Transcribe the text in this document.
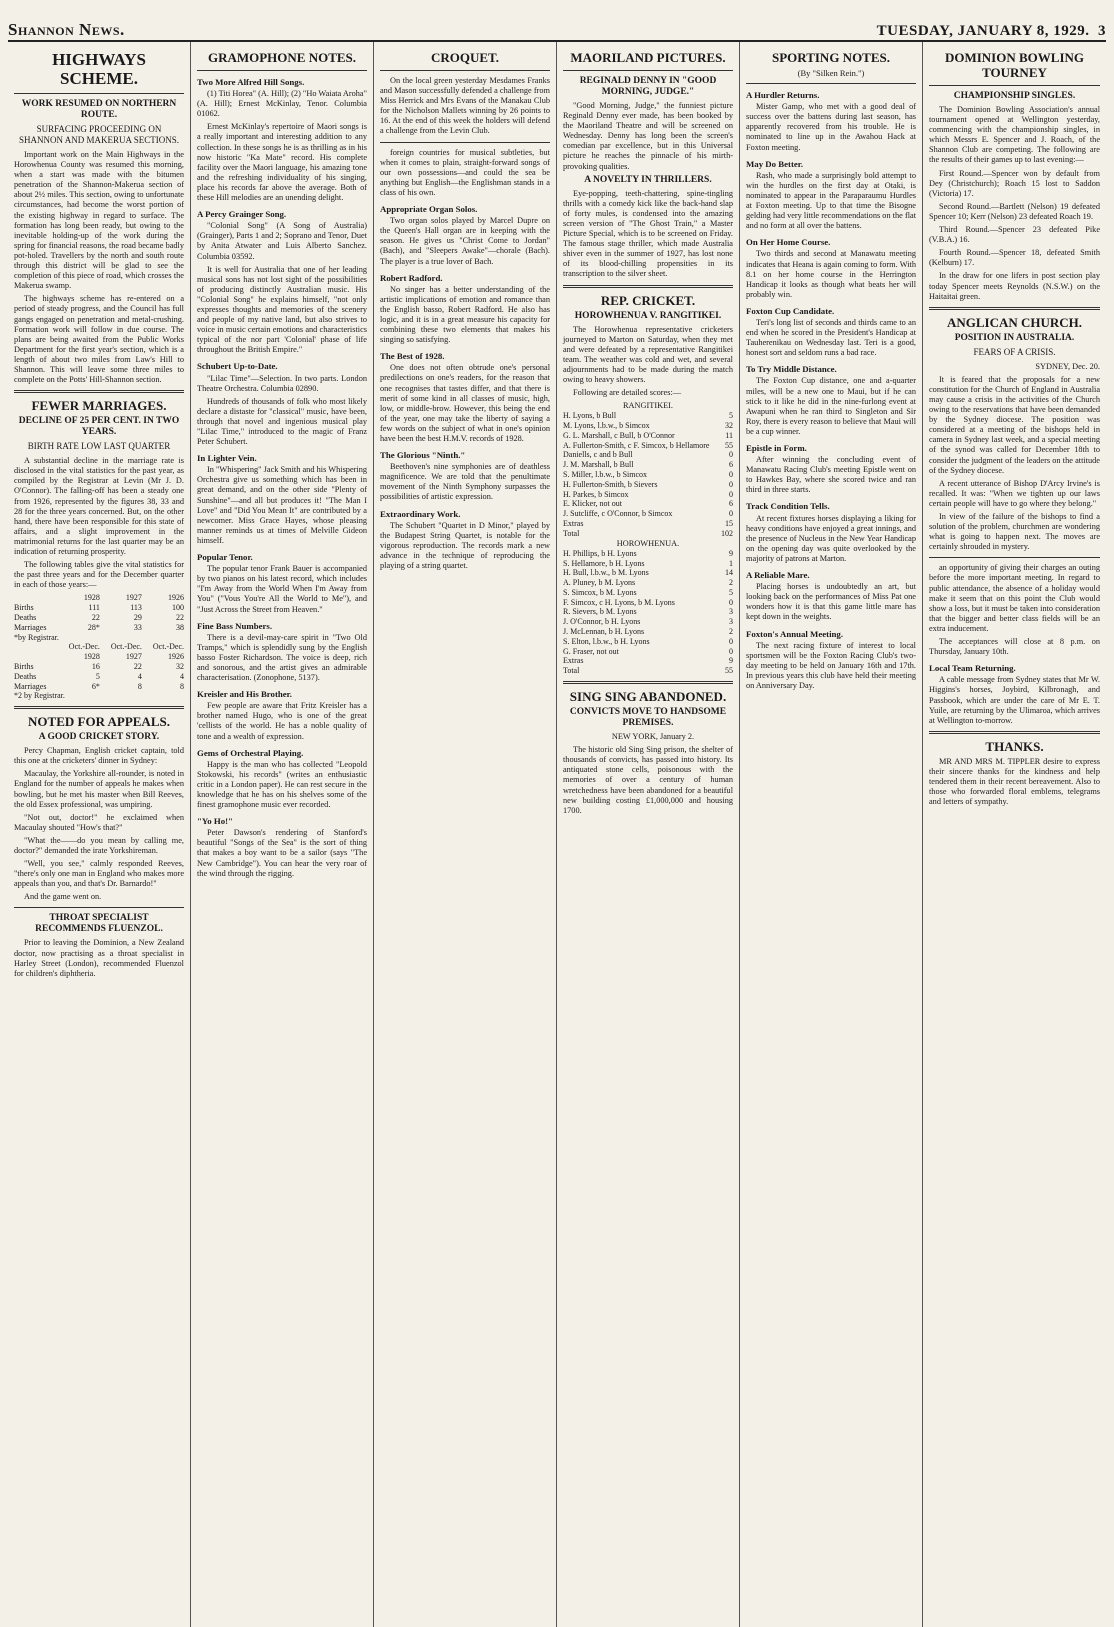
Shannon News.	TUESDAY, JANUARY 8, 1929. 3
HIGHWAYS SCHEME.
WORK RESUMED ON NORTHERN ROUTE.
SURFACING PROCEEDING ON SHANNON AND MAKERUA SECTIONS.

Important work on the Main Highways in the Horowhenua County was resumed this morning, when a start was made with the bitumen penetration of the Shannon-Makerua section of about 2½ miles. This section, owing to unfortunate circumstances, had become the worst portion of the existing highway in regard to surface. The formation has long been ready, but owing to the inevitable holding-up of the work during the spring for financial reasons, the road became badly pot-holed. Travellers by the north and south route through this district will be glad to see the completion of this piece of road, which crosses the Makerua swamp.

The highways scheme has re-entered on a period of steady progress, and the Council has full gangs engaged on penetration and metal-crushing. Formation work will follow in due course. The plans are being awaited from the Public Works Department for the first year's section, which is a length of about two miles from Law's Hill to Shannon. This will leave some three miles to complete on the Potts' Hill-Shannon section.

FEWER MARRIAGES.
DECLINE OF 25 PER CENT. IN TWO YEARS.
BIRTH RATE LOW LAST QUARTER

A substantial decline in the marriage rate is disclosed in the vital statistics for the past year, as compiled by the Registrar at Levin (Mr J. D. O'Connor). The falling-off has been a steady one from 1926, represented by the figures 38, 33 and 28 for the three years concerned. But, on the other hand, there have been responsible for this state of affairs, and a slight improvement in the matrimonial returns for the last quarter may be an indication of returning prosperity.

The following tables give the vital statistics for the past three years and for the December quarter in each of those years:—

	1928	1927	1926
Births	111	113	100
Deaths	22	29	22
Marriages	28*	33	38
*by Registrar.			
	Oct.-Dec.	Oct.-Dec.	Oct.-Dec.
	1928	1927	1926
Births	16	22	32
Deaths	5	4	4
Marriages	6*	8	8
*2 by Registrar.			
NOTED FOR APPEALS.
A GOOD CRICKET STORY.

Percy Chapman, English cricket captain, told this one at the cricketers' dinner in Sydney:

Macaulay, the Yorkshire all-rounder, is noted in England for the number of appeals he makes when bowling, but he met his master when Bill Reeves, the old Essex professional, was umpiring.

"Not out, doctor!" he exclaimed when Macaulay shouted "How's that?"

"What the——do you mean by calling me, doctor?" demanded the irate Yorkshireman.

"Well, you see," calmly responded Reeves, "there's only one man in England who makes more appeals than you, and that's Dr. Barnardo!"

And the game went on.

THROAT SPECIALIST RECOMMENDS FLUENZOL.

Prior to leaving the Dominion, a New Zealand doctor, now practising as a throat specialist in Harley Street (London), recommended Fluenzol for children's diphtheria.

GRAMOPHONE NOTES.
Two More Alfred Hill Songs.

(1) Titi Horea" (A. Hill); (2) "Ho Waiata Aroha" (A. Hill); Ernest McKinlay, Tenor. Columbia 01062.

Ernest McKinlay's repertoire of Maori songs is a really important and interesting addition to any collection. In these songs he is as thrilling as in his now historic "Ka Mate" record. His complete facility over the Maori language, his amazing tone and the refreshing individuality of his singing, place his records far above the average. Both of these Hill melodies are an unending delight.

A Percy Grainger Song.

"Colonial Song" (A Song of Australia) (Grainger), Parts 1 and 2; Soprano and Tenor, Duet by Anita Atwater and Luis Alberto Sanchez. Columbia 03592.

It is well for Australia that one of her leading musical sons has not lost sight of the possibilities of producing distinctly Australian music. His "Colonial Song" he explains himself, "not only expresses thoughts and memories of the scenery and people of my native land, but also strives to voice in music certain emotions and characteristics typical of the nor part 'Colonial' phase of life throughout the British Empire."

Schubert Up-to-Date.

"Lilac Time"—Selection. In two parts. London Theatre Orchestra. Columbia 02890.

Hundreds of thousands of folk who most likely declare a distaste for "classical" music, have been, through that novel and ingenious musical play "Lilac Time," introduced to the magic of Franz Peter Schubert.

In Lighter Vein.

In "Whispering" Jack Smith and his Whispering Orchestra give us something which has been in great demand, and on the other side "Plenty of Sunshine"—and all but produces it! "The Man I Love" and "Did You Mean It" are contributed by a newcomer. Miss Grace Hayes, whose pleasing manner reminds us at times of Melville Gideon himself.

Popular Tenor.

The popular tenor Frank Bauer is accompanied by two pianos on his latest record, which includes "I'm Away from the World When I'm Away from You" ("Vous You're All the World to Me"), and "Just Across the Street from Heaven."

Fine Bass Numbers.

There is a devil-may-care spirit in "Two Old Tramps," which is splendidly sung by the English basso Foster Richardson. The voice is deep, rich and sonorous, and the artist gives an admirable characterisation. (Zonophone, 5137).

Kreisler and His Brother.

Few people are aware that Fritz Kreisler has a brother named Hugo, who is one of the great 'cellists of the world. He has a noble quality of tone and a wealth of expression.

Gems of Orchestral Playing.

Happy is the man who has collected "Leopold Stokowski, his records" (writes an enthusiastic critic in a London paper). He can rest secure in the knowledge that he has on his shelves some of the finest gramophone music ever recorded.

"Yo Ho!"

Peter Dawson's rendering of Stanford's beautiful "Songs of the Sea" is the sort of thing that makes a boy want to be a sailor (says "The New Cambridge"). You can hear the very roar of the wind through the rigging.

CROQUET.

On the local green yesterday Mesdames Franks and Mason successfully defended a challenge from Miss Herrick and Mrs Evans of the Manakau Club for the Nicholson Mallets winning by 26 points to 16. At the end of this week the holders will defend a challenge from the Levin Club.

foreign countries for musical subtleties, but when it comes to plain, straight-forward songs of our own possessions—and could the sea be anything but English—the Englishman stands in a class of his own.

Appropriate Organ Solos.

Two organ solos played by Marcel Dupre on the Queen's Hall organ are in keeping with the season. He gives us "Christ Come to Jordan" (Bach), and "Sleepers Awake"—chorale (Bach). The player is a true lover of Bach.

Robert Radford.

No singer has a better understanding of the artistic implications of emotion and romance than the English basso, Robert Radford. He also has logic, and it is in a great measure his capacity for combining these two elements that makes his singing so satisfying.

The Best of 1928.

One does not often obtrude one's personal predilections on one's readers, for the reason that one recognises that tastes differ, and that there is merit of some kind in all classes of music, high, low, or middle-brow. However, this being the end of the year, one may take the liberty of saying a few words on the subject of what in one's opinion have been the best H.M.V. records of 1928.

The Glorious "Ninth."

Beethoven's nine symphonies are of deathless magnificence. We are told that the penultimate movement of the Ninth Symphony surpasses the possibilities of artistic expression.

Extraordinary Work.

The Schubert "Quartet in D Minor," played by the Budapest String Quartet, is notable for the vigorous reproduction. The records mark a new advance in the technique of reproducing the playing of a string quartet.

MAORILAND PICTURES.
REGINALD DENNY IN "GOOD MORNING, JUDGE."

"Good Morning, Judge," the funniest picture Reginald Denny ever made, has been booked by the Maoriland Theatre and will be screened on Wednesday. Denny has long been the screen's comedian par excellence, but in this Universal picture he reaches the pinnacle of his mirth-provoking qualities.

A NOVELTY IN THRILLERS.

Eye-popping, teeth-chattering, spine-tingling thrills with a comedy kick like the back-hand slap of forty mules, is condensed into the amazing screen version of "The Ghost Train," a Master Picture Special, which is to be screened on Friday. The famous stage thriller, which made Australia shiver even in the summer of 1927, has lost none of its blood-chilling propensities in its transcription to the silver sheet.

REP. CRICKET.
HOROWHENUA V. RANGITIKEI.

The Horowhenua representative cricketers journeyed to Marton on Saturday, when they met and were defeated by a representative Rangitikei team. The weather was cold and wet, and several adjournments had to be made during the match owing to heavy showers.

Following are detailed scores:—

RANGITIKEI.
H. Lyons, b Bull	5
M. Lyons, l.b.w., b Simcox	32
G. L. Marshall, c Bull, b O'Connor	11
A. Fullerton-Smith, c F. Simcox, b Hellamore	55
Daniells, c and b Bull	0
J. M. Marshall, b Bull	6
S. Miller, l.b.w., b Simcox	0
H. Fullerton-Smith, b Sievers	0
H. Parkes, b Simcox	0
E. Klicker, not out	6
J. Sutcliffe, c O'Connor, b Simcox	0
Extras	15
Total	102
HOROWHENUA.
H. Phillips, b H. Lyons	9
S. Hellamore, b H. Lyons	1
H. Bull, l.b.w., b M. Lyons	14
A. Pluney, b M. Lyons	2
S. Simcox, b M. Lyons	5
F. Simcox, c H. Lyons, b M. Lyons	0
R. Sievers, b M. Lyons	3
J. O'Connor, b H. Lyons	3
J. McLennan, b H. Lyons	2
S. Elton, l.b.w., b H. Lyons	0
G. Fraser, not out	0
Extras	9
Total	55
SING SING ABANDONED.
CONVICTS MOVE TO HANDSOME PREMISES.

NEW YORK, January 2.

The historic old Sing Sing prison, the shelter of thousands of convicts, has passed into history. Its antiquated stone cells, poisonous with the memories of over a century of human wretchedness have been abandoned for a beautiful new building costing £1,000,000 and housing 1700.

SPORTING NOTES.
(By "Silken Rein.")
A Hurdler Returns.

Mister Gamp, who met with a good deal of success over the battens during last season, has apparently recovered from his trouble. He is nominated to line up in the Awahou Hack at Foxton meeting.

May Do Better.

Rash, who made a surprisingly bold attempt to win the hurdles on the first day at Otaki, is nominated to appear in the Paraparaumu Hurdles at Foxton meeting. Up to that time the Bisogne gelding had very little recommendations on the flat and no form at all over the battens.

On Her Home Course.

Two thirds and second at Manawatu meeting indicates that Heana is again coming to form. With 8.1 on her home course in the Herrington Handicap it looks as though what beats her will probably win.

Foxton Cup Candidate.

Teri's long list of seconds and thirds came to an end when he scored in the President's Handicap at Tauherenikau on Wednesday last. Teri is a good, honest sort and seldom runs a bad race.

To Try Middle Distance.

The Foxton Cup distance, one and a-quarter miles, will be a new one to Maui, but if he can stick to it like he did in the nine-furlong event at Awapuni when he ran third to Singleton and Sir Roy, there is every reason to believe that Maui will be a cup winner.

Epistle in Form.

After winning the concluding event of Manawatu Racing Club's meeting Epistle went on to Hawkes Bay, where she scored twice and ran third in three starts.

Track Condition Tells.

At recent fixtures horses displaying a liking for heavy conditions have enjoyed a great innings, and the presence of Nucleus in the New Year Handicap on the opening day was quite overlooked by the majority of patrons at Marton.

A Reliable Mare.

Placing horses is undoubtedly an art, but looking back on the performances of Miss Pat one wonders how it is that this game little mare has kept down in the weights.

Foxton's Annual Meeting.

The next racing fixture of interest to local sportsmen will be the Foxton Racing Club's two-day meeting to be held on January 16th and 17th. In previous years this club have held their meeting on Anniversary Day.

DOMINION BOWLING TOURNEY
CHAMPIONSHIP SINGLES.

The Dominion Bowling Association's annual tournament opened at Wellington yesterday, commencing with the championship singles, in which Messrs E. Spencer and J. Roach, of the Shannon Club are competing. The following are the results of their games up to last evening:—

First Round.—Spencer won by default from Dey (Christchurch); Roach 15 lost to Saddon (Victoria) 17.

Second Round.—Bartlett (Nelson) 19 defeated Spencer 10; Kerr (Nelson) 23 defeated Roach 19.

Third Round.—Spencer 23 defeated Pike (V.B.A.) 16.

Fourth Round.—Spencer 18, defeated Smith (Kelburn) 17.

In the draw for one lifers in post section play today Spencer meets Reynolds (N.S.W.) on the Haitaitai green.

ANGLICAN CHURCH.
POSITION IN AUSTRALIA.
FEARS OF A CRISIS.

SYDNEY, Dec. 20.

It is feared that the proposals for a new constitution for the Church of England in Australia may cause a crisis in the activities of the Church owing to the reservations that have been demanded by the Sydney diocese. The position was considered at a meeting of the bishops held in camera in Sydney last week, and a special meeting of the synod was called for December 18th to consider the judgment of the leaders on the attitude of the Sydney diocese.

A recent utterance of Bishop D'Arcy Irvine's is recalled. It was: "When we tighten up our laws certain people will have to go where they belong."

In view of the failure of the bishops to find a solution of the problem, churchmen are wondering what is going to happen next. The moves are certainly shrouded in mystery.

an opportunity of giving their charges an outing before the more important meeting. In regard to public attendance, the absence of a holiday would make it seem that on this point the Club would show a loss, but it must be taken into consideration that the bigger and better class fields will be an extra inducement.

The acceptances will close at 8 p.m. on Thursday, January 10th.

Local Team Returning.

A cable message from Sydney states that Mr W. Higgins's horses, Joybird, Kilbronagh, and Passbook, which are under the care of Mr E. T. Yuile, are returning by the Ulimaroa, which arrives at Wellington to-morrow.

THANKS.

MR AND MRS M. TIPPLER desire to express their sincere thanks for the kindness and help tendered them in their recent bereavement. Also to those who forwarded floral emblems, telegrams and letters of sympathy.
